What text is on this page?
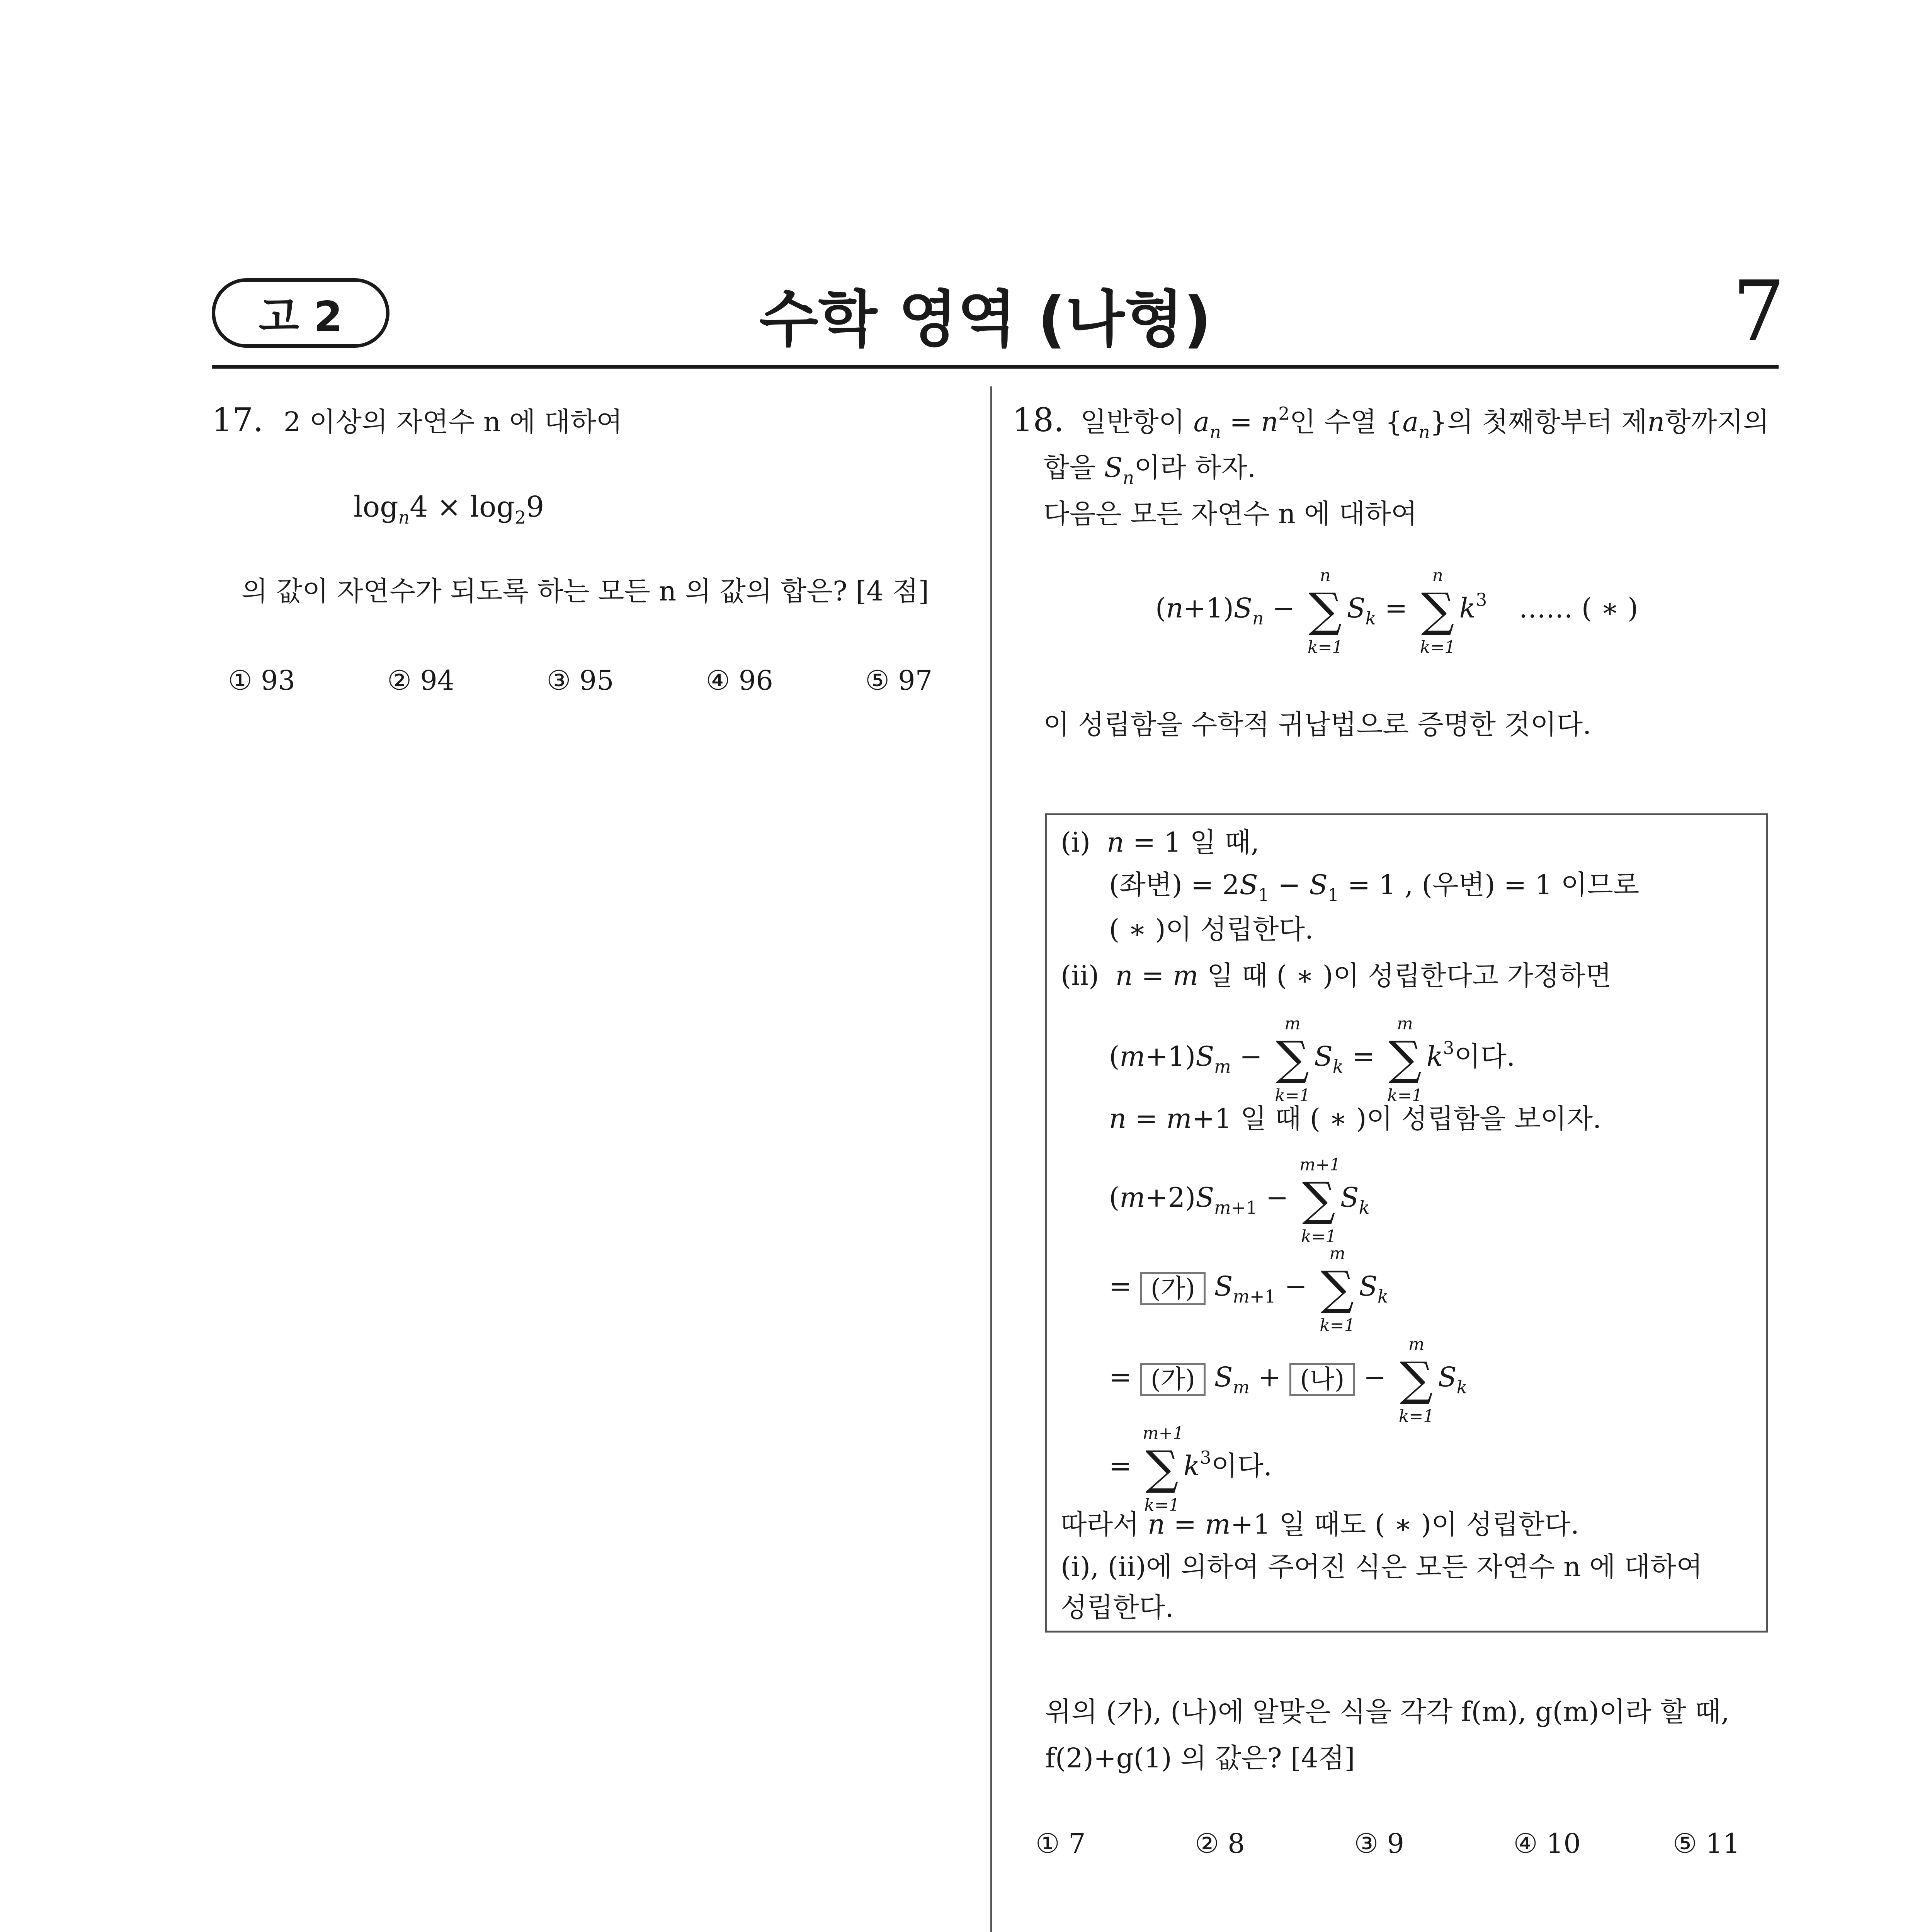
고 2	수학 영역 (나형)	7
17. 2 이상의 자연수 n 에 대하여
$\log_n4 \times \log_29$
의 값이 자연수가 되도록 하는 모든 n 의 값의 합은? [4 점]
① 93	② 94	③ 95	④ 96	⑤ 97
18. 일반항이 $a_n = n^2$인 수열 $\{a_n\}$의 첫째항부터 제n항까지의
합을 $S_n$이라 하자.
다음은 모든 자연수 n 에 대하여
$(n+1)S_n$ −
n
∑
k=1
$S_k$ =
n
∑
k=1
$k^3$ …… ( ∗ )
이 성립함을 수학적 귀납법으로 증명한 것이다.
(i) n = 1 일 때,
(좌변) = $2S_1 - S_1 = 1$ , (우변) = 1 이므로
( ∗ )이 성립한다.
(ii) n = m 일 때 ( ∗ )이 성립한다고 가정하면
$(m+1)S_m$ −
m
∑
k=1
$S_k$ =
m
∑
k=1
$k^3$이다.
n = m+1 일 때 ( ∗ )이 성립함을 보이자.
$(m+2)S_{m+1}$ −
m+1
∑
k=1
$S_k$
= (가) $S_{m+1}$ −
m
∑
k=1
$S_k$
= (가) $S_m$ + (나) −
m
∑
k=1
$S_k$
=
m+1
∑
k=1
$k^3$이다.
따라서 n = m+1 일 때도 ( ∗ )이 성립한다.
(i), (ii)에 의하여 주어진 식은 모든 자연수 n 에 대하여
성립한다.
위의 (가), (나)에 알맞은 식을 각각 f(m), g(m)이라 할 때,
f(2)+g(1) 의 값은? [4점]
① 7	② 8	③ 9	④ 10	⑤ 11
